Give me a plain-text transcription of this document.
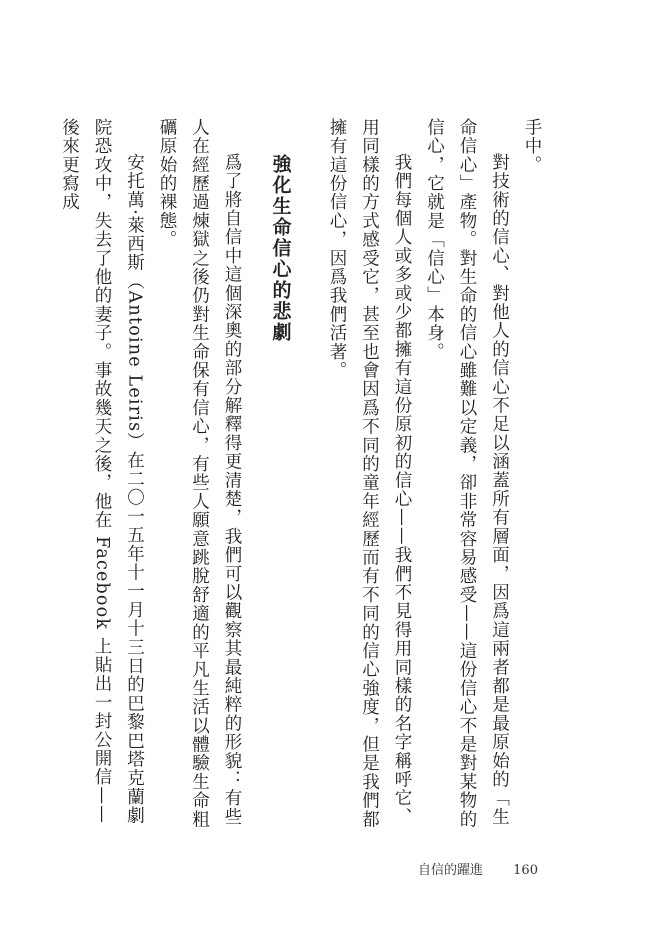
手中。

對技術的信心、對他人的信心不足以涵蓋所有層面，因爲這兩者都是最原始的「生命信心」產物。對生命的信心雖難以定義，卻非常容易感受——這份信心不是對某物的信心，它就是「信心」本身。

我們每個人或多或少都擁有這份原初的信心——我們不見得用同樣的名字稱呼它、用同樣的方式感受它，甚至也會因爲不同的童年經歷而有不同的信心強度，但是我們都擁有這份信心，因爲我們活著。

強化生命信心的悲劇

爲了將自信中這個深奧的部分解釋得更清楚，我們可以觀察其最純粹的形貌：有些人在經歷過煉獄之後仍對生命保有信心，有些人願意跳脫舒適的平凡生活以體驗生命粗礪原始的裸態。

安托萬·萊西斯（Antoine Leiris）在二〇一五年十一月十三日的巴黎巴塔克蘭劇院恐攻中，失去了他的妻子。事故幾天之後，他在 Facebook 上貼出一封公開信——後來更寫成

自信的躍進 160
